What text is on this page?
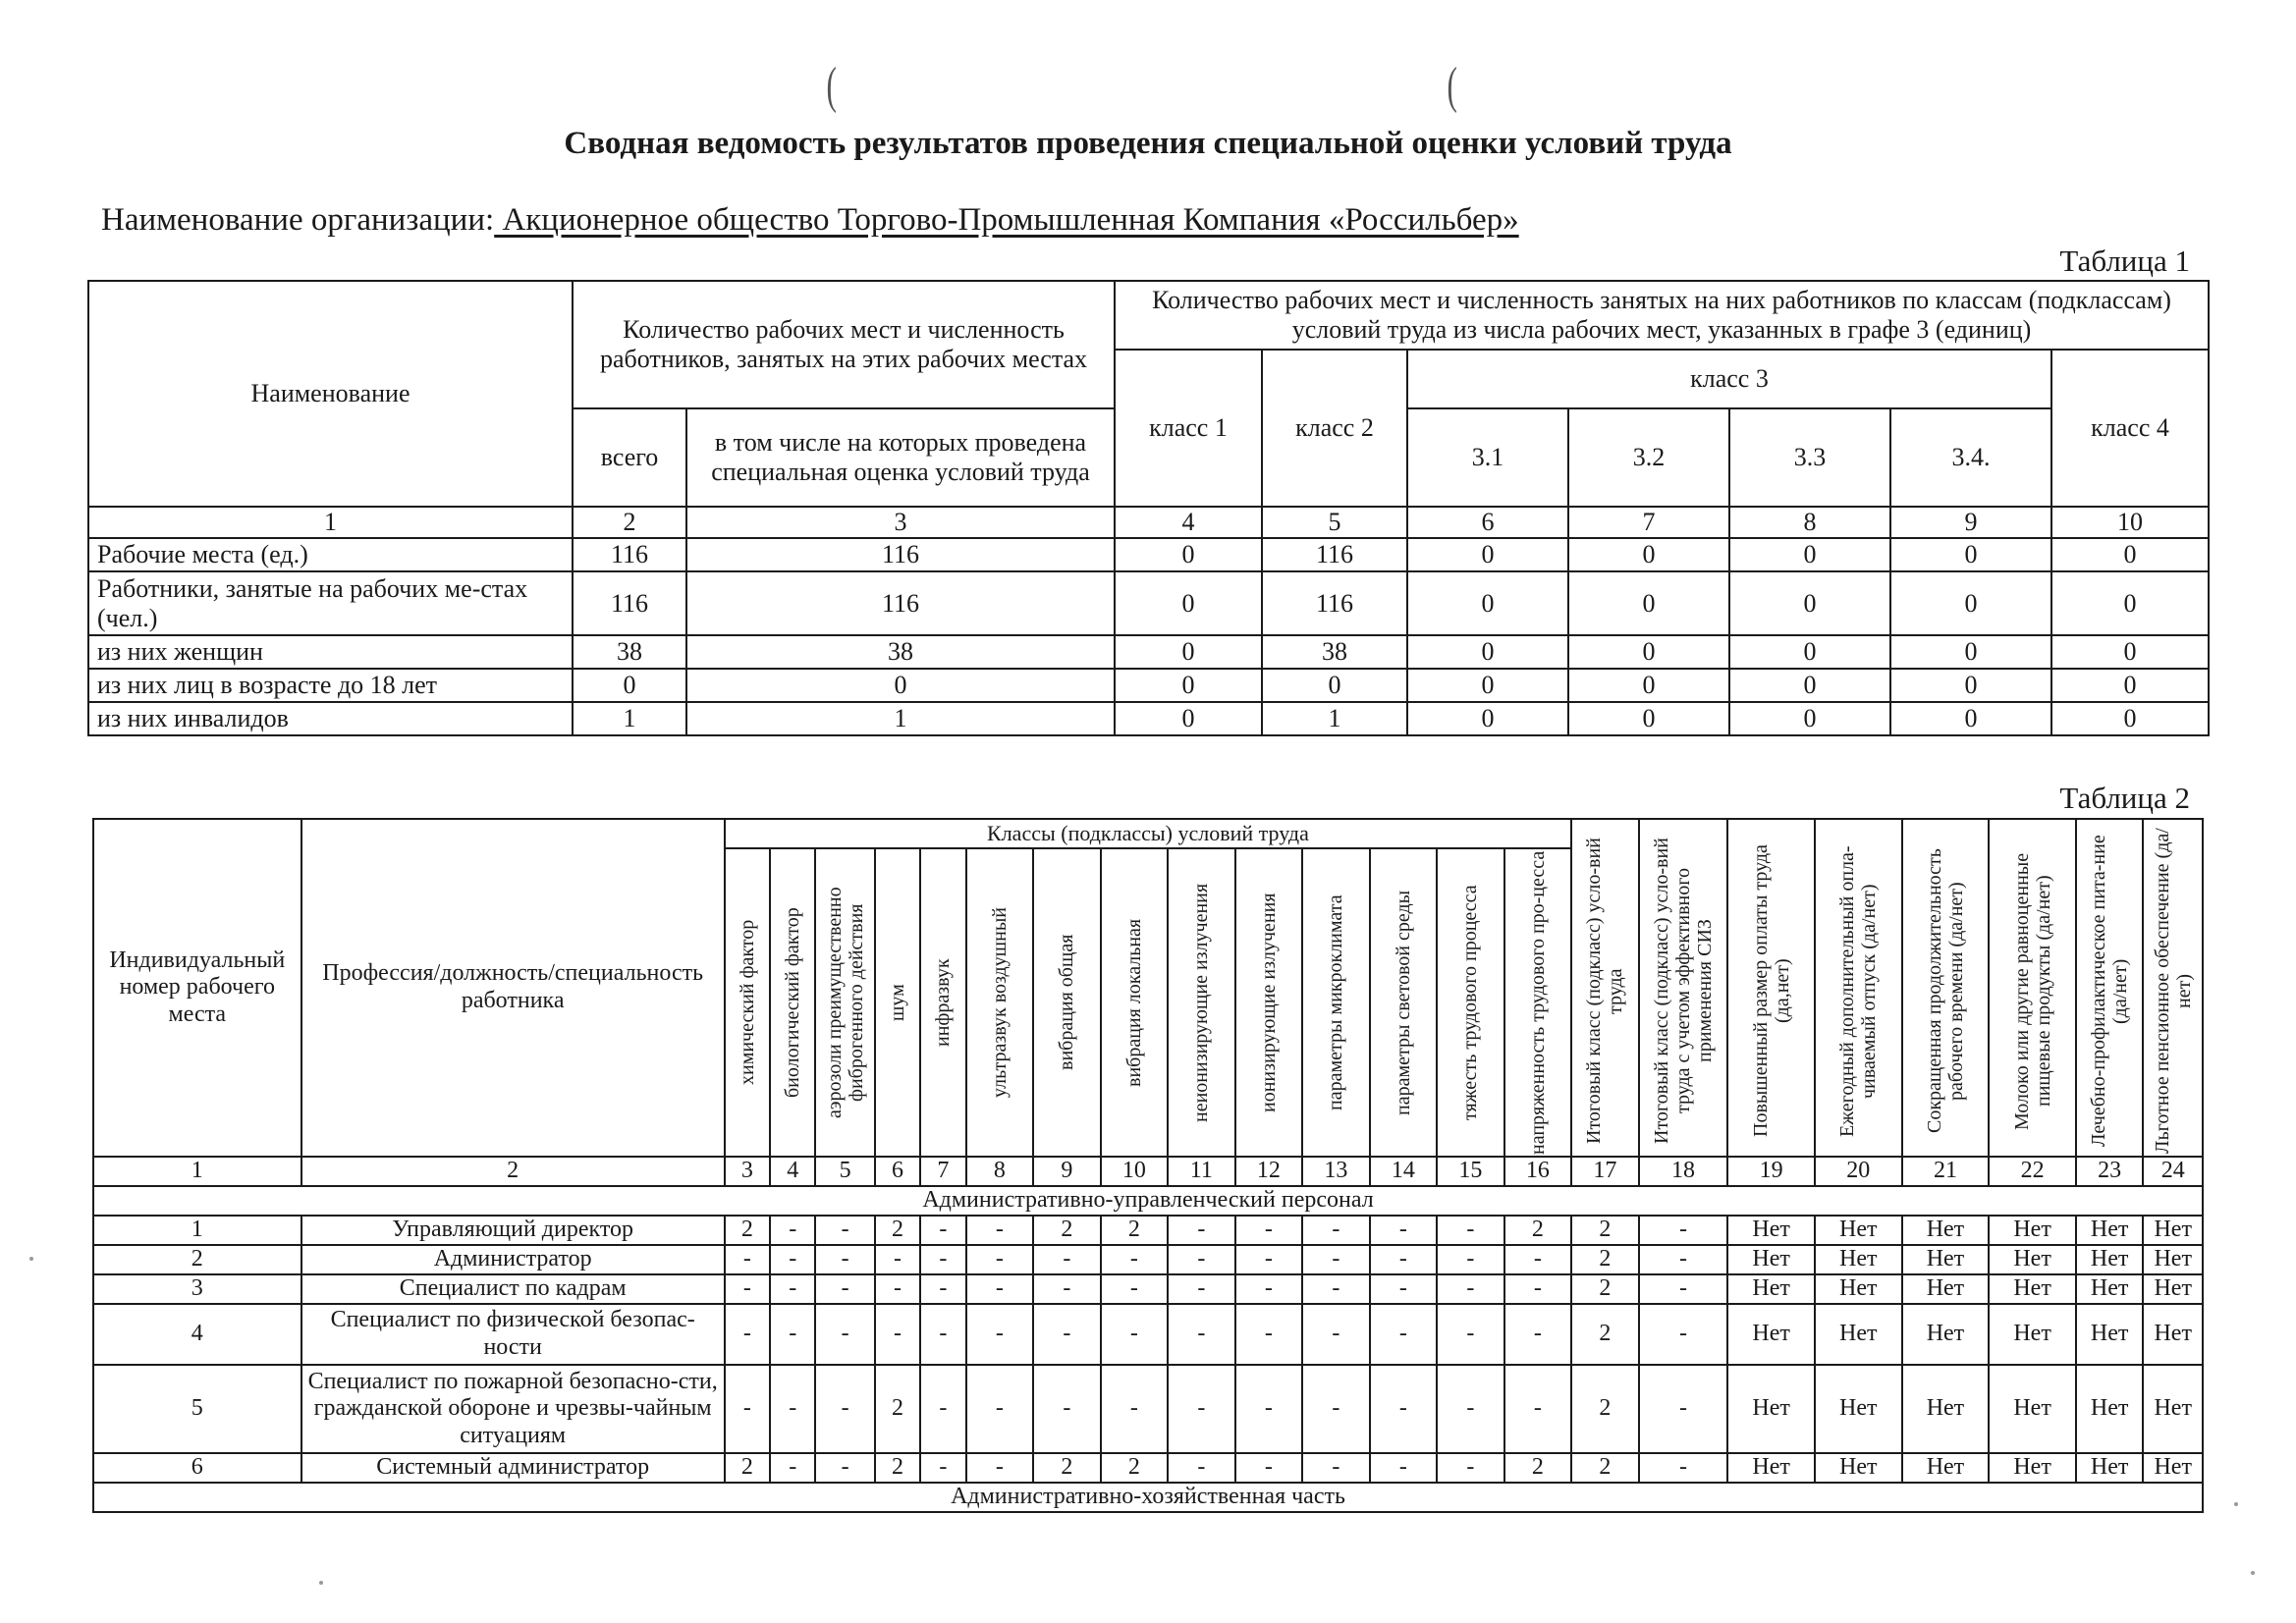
(	(
Сводная ведомость результатов проведения специальной оценки условий труда
Наименование организации: Акционерное общество Торгово-Промышленная Компания «Россильбер»
Таблица 1
Наименование	Количество рабочих мест и численность работников, занятых на этих рабочих местах		Количество рабочих мест и численность занятых на них работников по классам (подклассам) условий труда из числа рабочих мест, указанных в графе 3 (единиц)						
			класс 1	класс 2	класс 3				класс 4
	всего	в том числе на которых проведена специальная оценка условий труда			3.1	3.2	3.3	3.4.	
1	2	3	4	5	6	7	8	9	10
Рабочие места (ед.)	116	116	0	116	0	0	0	0	0
Работники, занятые на рабочих ме-стах (чел.)	116	116	0	116	0	0	0	0	0
из них женщин	38	38	0	38	0	0	0	0	0
из них лиц в возрасте до 18 лет	0	0	0	0	0	0	0	0	0
из них инвалидов	1	1	0	1	0	0	0	0	0
Таблица 2
Индивидуальный номер рабочего места	Профессия/должность/специальность работника	Классы (подклассы) условий труда														Итоговый класс (подкласс) усло-вий труда	Итоговый класс (подкласс) усло-вий труда с учетом эффективного применения СИЗ	Повышенный размер оплаты труда (да,нет)	Ежегодный дополнительный опла-чиваемый отпуск (да/нет)	Сокращенная продолжительность рабочего времени (да/нет)	Молоко или другие равноценные пищевые продукты (да/нет)	Лечебно-профилактическое пита-ние (да/нет)	Льготное пенсионное обеспечение (да/нет)

		химический фактор	биологический фактор	аэрозоли преимущественно фиброгенного действия	шум	инфразвук	ультразвук воздушный	вибрация общая	вибрация локальная	неионизирующие излучения	ионизирующие излучения	параметры микроклимата	параметры световой среды	тяжесть трудового процесса	напряженность трудового про-цесса								

1	2	3	4	5	6	7	8	9	10	11	12	13	14	15	16	17	18	19	20	21	22	23	24
Административно-управленческий персонал																							
1	Управляющий директор	2	-	-	2	-	-	2	2	-	-	-	-	-	2	2	-	Нет	Нет	Нет	Нет	Нет	Нет
2	Администратор	-	-	-	-	-	-	-	-	-	-	-	-	-	-	2	-	Нет	Нет	Нет	Нет	Нет	Нет
3	Специалист по кадрам	-	-	-	-	-	-	-	-	-	-	-	-	-	-	2	-	Нет	Нет	Нет	Нет	Нет	Нет
4	Специалист по физической безопас-ности	-	-	-	-	-	-	-	-	-	-	-	-	-	-	2	-	Нет	Нет	Нет	Нет	Нет	Нет
5	Специалист по пожарной безопасно-сти, гражданской обороне и чрезвы-чайным ситуациям	-	-	-	2	-	-	-	-	-	-	-	-	-	-	2	-	Нет	Нет	Нет	Нет	Нет	Нет
6	Системный администратор	2	-	-	2	-	-	2	2	-	-	-	-	-	2	2	-	Нет	Нет	Нет	Нет	Нет	Нет
Административно-хозяйственная часть																							
